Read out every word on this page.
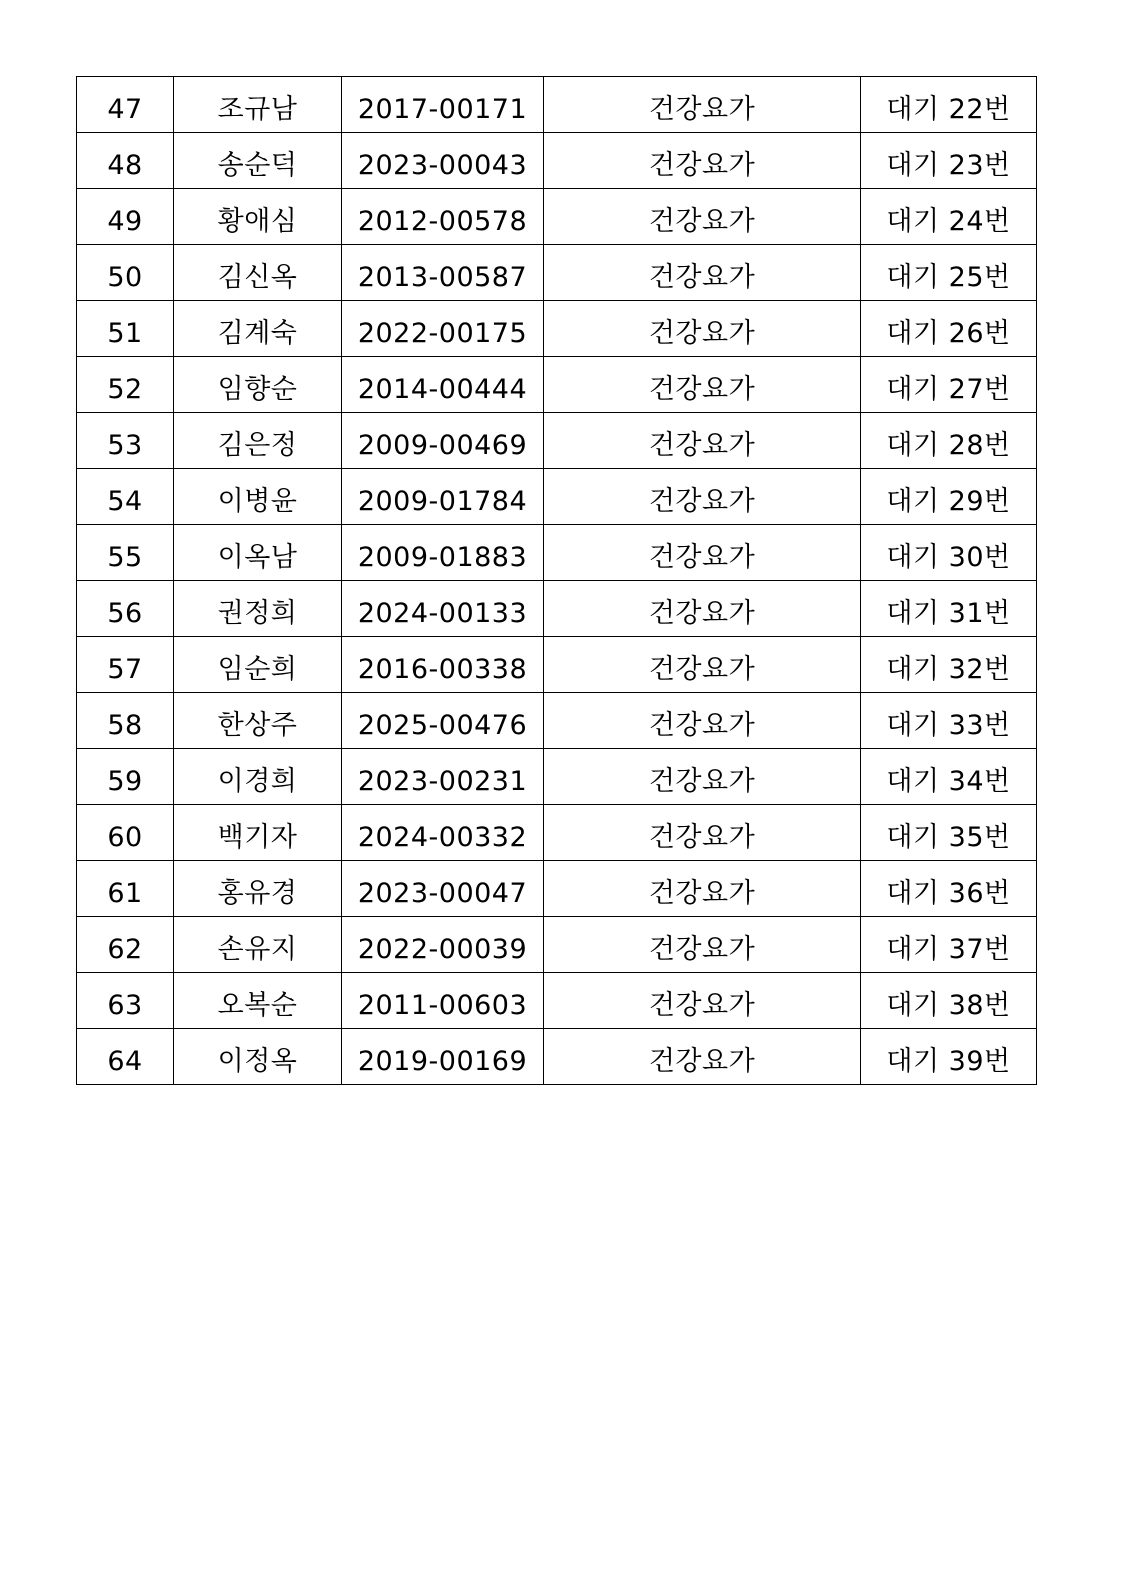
47	조규남	2017-00171	건강요가	대기 22번
48	송순덕	2023-00043	건강요가	대기 23번
49	황애심	2012-00578	건강요가	대기 24번
50	김신옥	2013-00587	건강요가	대기 25번
51	김계숙	2022-00175	건강요가	대기 26번
52	임향순	2014-00444	건강요가	대기 27번
53	김은정	2009-00469	건강요가	대기 28번
54	이병윤	2009-01784	건강요가	대기 29번
55	이옥남	2009-01883	건강요가	대기 30번
56	권정희	2024-00133	건강요가	대기 31번
57	임순희	2016-00338	건강요가	대기 32번
58	한상주	2025-00476	건강요가	대기 33번
59	이경희	2023-00231	건강요가	대기 34번
60	백기자	2024-00332	건강요가	대기 35번
61	홍유경	2023-00047	건강요가	대기 36번
62	손유지	2022-00039	건강요가	대기 37번
63	오복순	2011-00603	건강요가	대기 38번
64	이정옥	2019-00169	건강요가	대기 39번
